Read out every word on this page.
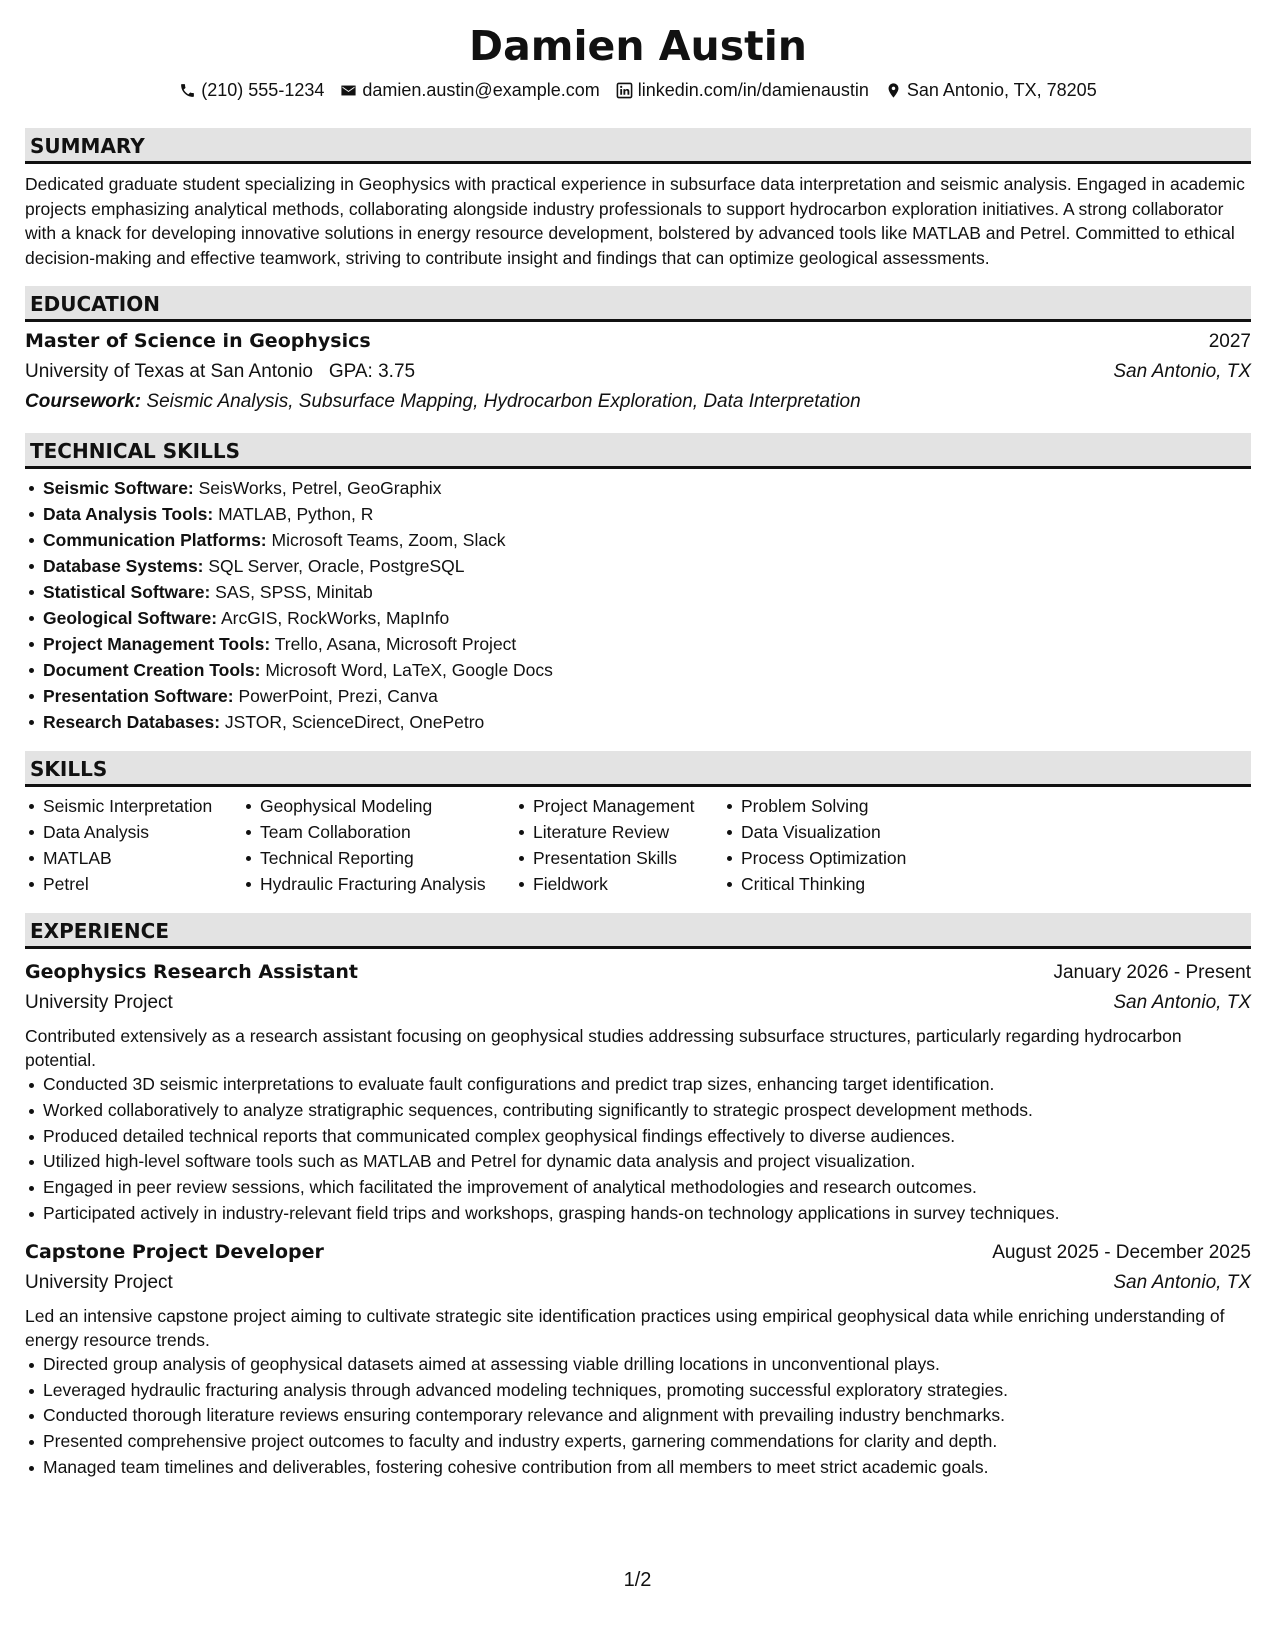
Damien Austin
(210) 555-1234 damien.austin@example.com linkedin.com/in/damienaustin San Antonio, TX, 78205
SUMMARY

Dedicated graduate student specializing in Geophysics with practical experience in subsurface data interpretation and seismic analysis. Engaged in academic projects emphasizing analytical methods, collaborating alongside industry professionals to support hydrocarbon exploration initiatives. A strong collaborator with a knack for developing innovative solutions in energy resource development, bolstered by advanced tools like MATLAB and Petrel. Committed to ethical decision-making and effective teamwork, striving to contribute insight and findings that can optimize geological assessments.

EDUCATION
Master of Science in Geophysics	2027
University of Texas at San Antonio GPA: 3.75	San Antonio, TX
Coursework: Seismic Analysis, Subsurface Mapping, Hydrocarbon Exploration, Data Interpretation
TECHNICAL SKILLS
Seismic Software: SeisWorks, Petrel, GeoGraphix
Data Analysis Tools: MATLAB, Python, R
Communication Platforms: Microsoft Teams, Zoom, Slack
Database Systems: SQL Server, Oracle, PostgreSQL
Statistical Software: SAS, SPSS, Minitab
Geological Software: ArcGIS, RockWorks, MapInfo
Project Management Tools: Trello, Asana, Microsoft Project
Document Creation Tools: Microsoft Word, LaTeX, Google Docs
Presentation Software: PowerPoint, Prezi, Canva
Research Databases: JSTOR, ScienceDirect, OnePetro
SKILLS
Seismic Interpretation
Data Analysis
MATLAB
Petrel
Geophysical Modeling
Team Collaboration
Technical Reporting
Hydraulic Fracturing Analysis
Project Management
Literature Review
Presentation Skills
Fieldwork
Problem Solving
Data Visualization
Process Optimization
Critical Thinking
EXPERIENCE
Geophysics Research Assistant	January 2026 - Present
University Project	San Antonio, TX

Contributed extensively as a research assistant focusing on geophysical studies addressing subsurface structures, particularly regarding hydrocarbon potential.

Conducted 3D seismic interpretations to evaluate fault configurations and predict trap sizes, enhancing target identification.
Worked collaboratively to analyze stratigraphic sequences, contributing significantly to strategic prospect development methods.
Produced detailed technical reports that communicated complex geophysical findings effectively to diverse audiences.
Utilized high-level software tools such as MATLAB and Petrel for dynamic data analysis and project visualization.
Engaged in peer review sessions, which facilitated the improvement of analytical methodologies and research outcomes.
Participated actively in industry-relevant field trips and workshops, grasping hands-on technology applications in survey techniques.
Capstone Project Developer	August 2025 - December 2025
University Project	San Antonio, TX

Led an intensive capstone project aiming to cultivate strategic site identification practices using empirical geophysical data while enriching understanding of energy resource trends.

Directed group analysis of geophysical datasets aimed at assessing viable drilling locations in unconventional plays.
Leveraged hydraulic fracturing analysis through advanced modeling techniques, promoting successful exploratory strategies.
Conducted thorough literature reviews ensuring contemporary relevance and alignment with prevailing industry benchmarks.
Presented comprehensive project outcomes to faculty and industry experts, garnering commendations for clarity and depth.
Managed team timelines and deliverables, fostering cohesive contribution from all members to meet strict academic goals.
1/2
